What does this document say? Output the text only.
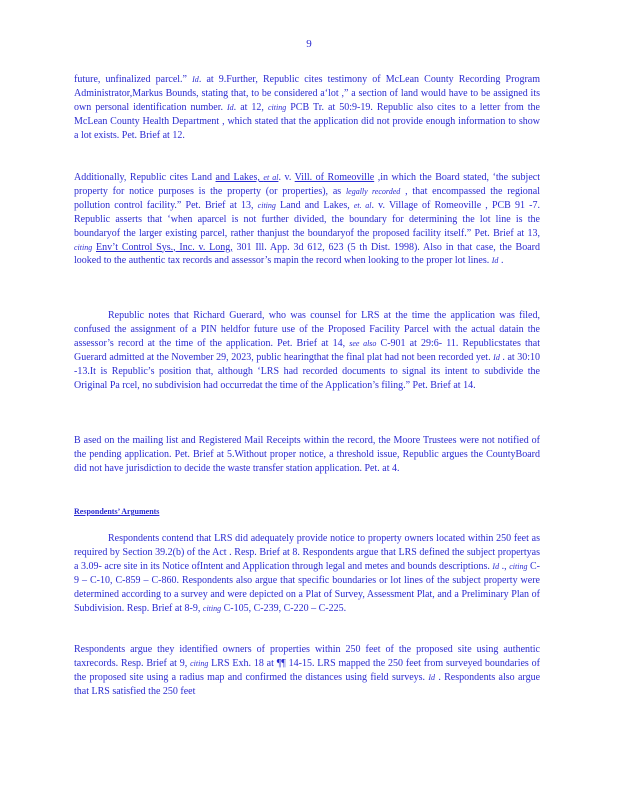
9

future, unfinalized parcel.” Id. at 9.Further, Republic cites testimony of McLean County Recording Program Administrator,Markus Bounds, stating that, to be considered a‘lot ,” a section of land would have to be assigned its own personal identification number. Id. at 12, citing PCB Tr. at 50:9-19. Republic also cites to a letter from the McLean County Health Department , which stated that the application did not provide enough information to show a lot exists. Pet. Brief at 12.

Additionally, Republic cites Land and Lakes, et al. v. Vill. of Romeoville ,in which the Board stated, ‘the subject property for notice purposes is the property (or properties), as legally recorded , that encompassed the regional pollution control facility.” Pet. Brief at 13, citing Land and Lakes, et. al. v. Village of Romeoville , PCB 91 -7. Republic asserts that ‘when aparcel is not further divided, the boundary for determining the lot line is the boundaryof the larger existing parcel, rather thanjust the boundaryof the proposed facility itself.” Pet. Brief at 13, citing Env’t Control Sys., Inc. v. Long, 301 Ill. App. 3d 612, 623 (5 th Dist. 1998). Also in that case, the Board looked to the authentic tax records and assessor’s mapin the record when looking to the proper lot lines. Id .

Republic notes that Richard Guerard, who was counsel for LRS at the time the application was filed, confused the assignment of a PIN heldfor future use of the Proposed Facility Parcel with the actual datain the assessor’s record at the time of the application. Pet. Brief at 14, see also C-901 at 29:6- 11. Republicstates that Guerard admitted at the November 29, 2023, public hearingthat the final plat had not been recorded yet. Id . at 30:10 -13.It is Republic’s position that, although ‘LRS had recorded documents to signal its intent to subdivide the Original Pa rcel, no subdivision had occurredat the time of the Application’s filing.” Pet. Brief at 14.

B ased on the mailing list and Registered Mail Receipts within the record, the Moore Trustees were not notified of the pending application. Pet. Brief at 5.Without proper notice, a threshold issue, Republic argues the CountyBoard did not have jurisdiction to decide the waste transfer station application. Pet. at 4.

Respondents’ Arguments

Respondents contend that LRS did adequately provide notice to property owners located within 250 feet as required by Section 39.2(b) of the Act . Resp. Brief at 8. Respondents argue that LRS defined the subject propertyas a 3.09- acre site in its Notice ofIntent and Application through legal and metes and bounds descriptions. Id ., citing C-9 – C-10, C-859 – C-860. Respondents also argue that specific boundaries or lot lines of the subject property were determined according to a survey and were depicted on a Plat of Survey, Assessment Plat, and a Preliminary Plan of Subdivision. Resp. Brief at 8-9, citing C-105, C-239, C-220 – C-225.

Respondents argue they identified owners of properties within 250 feet of the proposed site using authentic taxrecords. Resp. Brief at 9, citing LRS Exh. 18 at ¶¶ 14-15. LRS mapped the 250 feet from surveyed boundaries of the proposed site using a radius map and confirmed the distances using field surveys. Id . Respondents also argue that LRS satisfied the 250 feet
